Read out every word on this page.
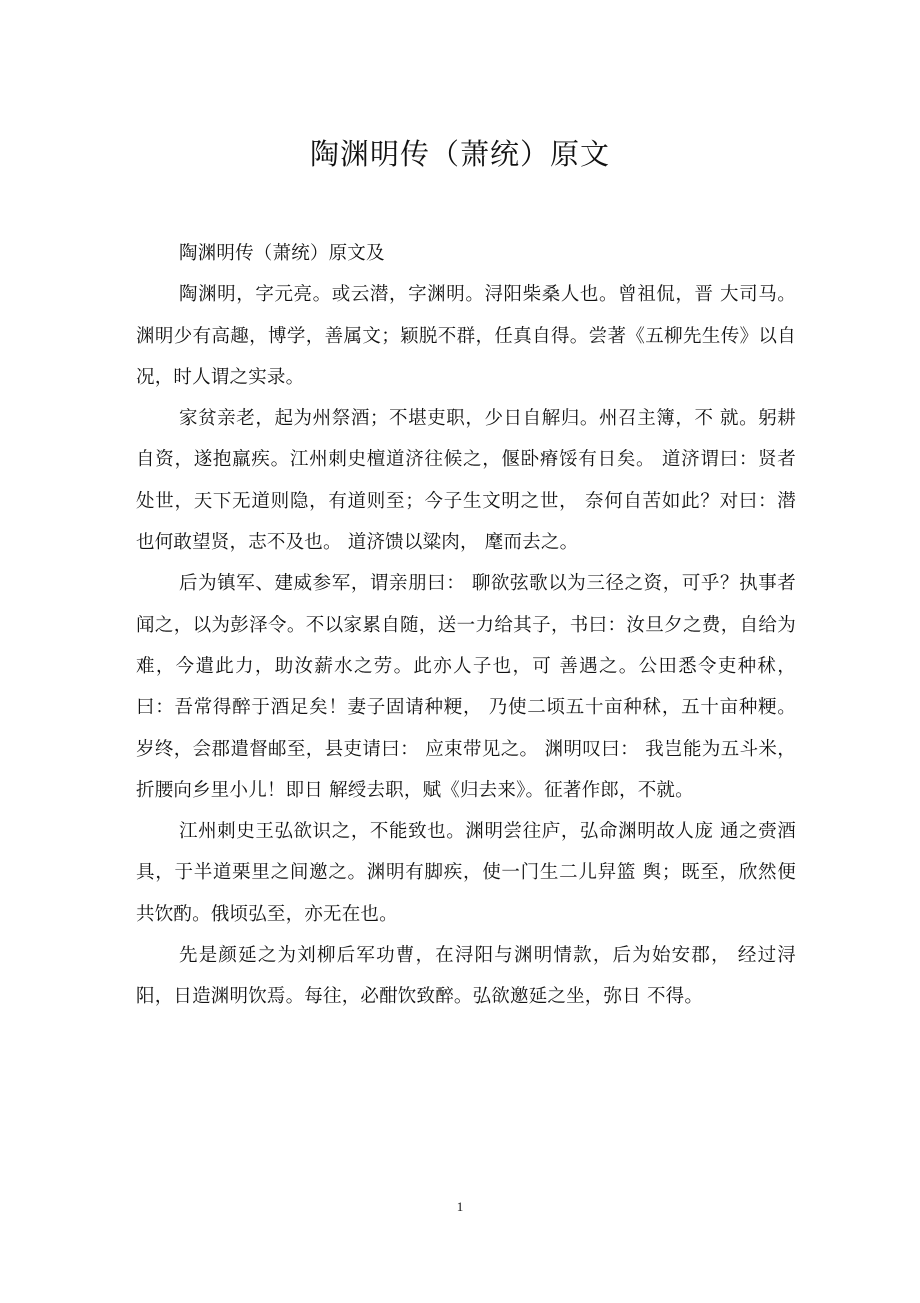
陶渊明传（萧统）原文

陶渊明传（萧统）原文及

陶渊明，字元亮。或云潜，字渊明。浔阳柴桑人也。曾祖侃，晋 大司马。渊明少有高趣，博学，善属文；颖脱不群，任真自得。尝著《五柳先生传》以自况，时人谓之实录。

家贫亲老，起为州祭酒；不堪吏职，少日自解归。州召主簿，不 就。躬耕自资，遂抱羸疾。江州刺史檀道济往候之，偃卧瘠馁有日矣。 道济谓曰：贤者处世，天下无道则隐，有道则至；今子生文明之世， 奈何自苦如此？对曰：潜也何敢望贤，志不及也。 道济馈以粱肉， 麾而去之。

后为镇军、建威参军，谓亲朋曰： 聊欲弦歌以为三径之资，可乎？执事者闻之，以为彭泽令。不以家累自随，送一力给其子，书曰：汝旦夕之费，自给为难，今遣此力，助汝薪水之劳。此亦人子也，可 善遇之。公田悉令吏种秫，曰：吾常得醉于酒足矣！妻子固请种粳， 乃使二顷五十亩种秫，五十亩种粳。岁终，会郡遣督邮至，县吏请曰： 应束带见之。 渊明叹曰： 我岂能为五斗米，折腰向乡里小儿！即日 解绶去职，赋《归去来》。征著作郎，不就。

江州刺史王弘欲识之，不能致也。渊明尝往庐，弘命渊明故人庞 通之赍酒具，于半道栗里之间邀之。渊明有脚疾，使一门生二儿舁篮 舆；既至，欣然便共饮酌。俄顷弘至，亦无在也。

先是颜延之为刘柳后军功曹，在浔阳与渊明情款，后为始安郡， 经过浔阳，日造渊明饮焉。每往，必酣饮致醉。弘欲邀延之坐，弥日 不得。

1
